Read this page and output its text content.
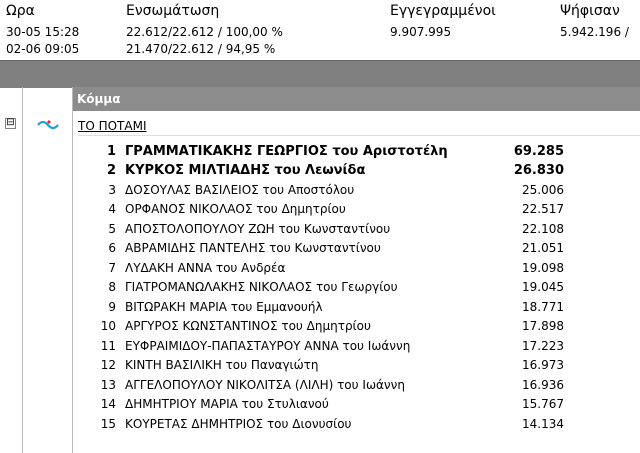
Ωρα	Ενσωμάτωση	Εγγεγραμμένοι	Ψήφισαν
30-05 15:28	22.612/22.612 / 100,00 %	9.907.995	5.942.196 /
02-06 09:05	21.470/22.612 / 94,95 %
Κόμμα
⊟	ΤΟ ΠΟΤΑΜΙ
1 ΓΡΑΜΜΑΤΙΚΑΚΗΣ ΓΕΩΡΓΙΟΣ του Αριστοτέλη	69.285
2 ΚΥΡΚΟΣ ΜΙΛΤΙΑΔΗΣ του Λεωνίδα	26.830
3 ΔΟΣΟΥΛΑΣ ΒΑΣΙΛΕΙΟΣ του Αποστόλου	25.006
4 ΟΡΦΑΝΟΣ ΝΙΚΟΛΑΟΣ του Δημητρίου	22.517
5 ΑΠΟΣΤΟΛΟΠΟΥΛΟΥ ΖΩΗ του Κωνσταντίνου	22.108
6 ΑΒΡΑΜΙΔΗΣ ΠΑΝΤΕΛΗΣ του Κωνσταντίνου	21.051
7 ΛΥΔΑΚΗ ΑΝΝΑ του Ανδρέα	19.098
8 ΓΙΑΤΡΟΜΑΝΩΛΑΚΗΣ ΝΙΚΟΛΑΟΣ του Γεωργίου	19.045
9 ΒΙΤΩΡΑΚΗ ΜΑΡΙΑ του Εμμανουήλ	18.771
10 ΑΡΓΥΡΟΣ ΚΩΝΣΤΑΝΤΙΝΟΣ του Δημητρίου	17.898
11 ΕΥΦΡΑΙΜΙΔΟΥ-ΠΑΠΑΣΤΑΥΡΟΥ ΑΝΝΑ του Ιωάννη	17.223
12 ΚΙΝΤΗ ΒΑΣΙΛΙΚΗ του Παναγιώτη	16.973
13 ΑΓΓΕΛΟΠΟΥΛΟΥ ΝΙΚΟΛΙΤΣΑ (ΛΙΛΗ) του Ιωάννη	16.936
14 ΔΗΜΗΤΡΙΟΥ ΜΑΡΙΑ του Στυλιανού	15.767
15 ΚΟΥΡΕΤΑΣ ΔΗΜΗΤΡΙΟΣ του Διονυσίου	14.134
